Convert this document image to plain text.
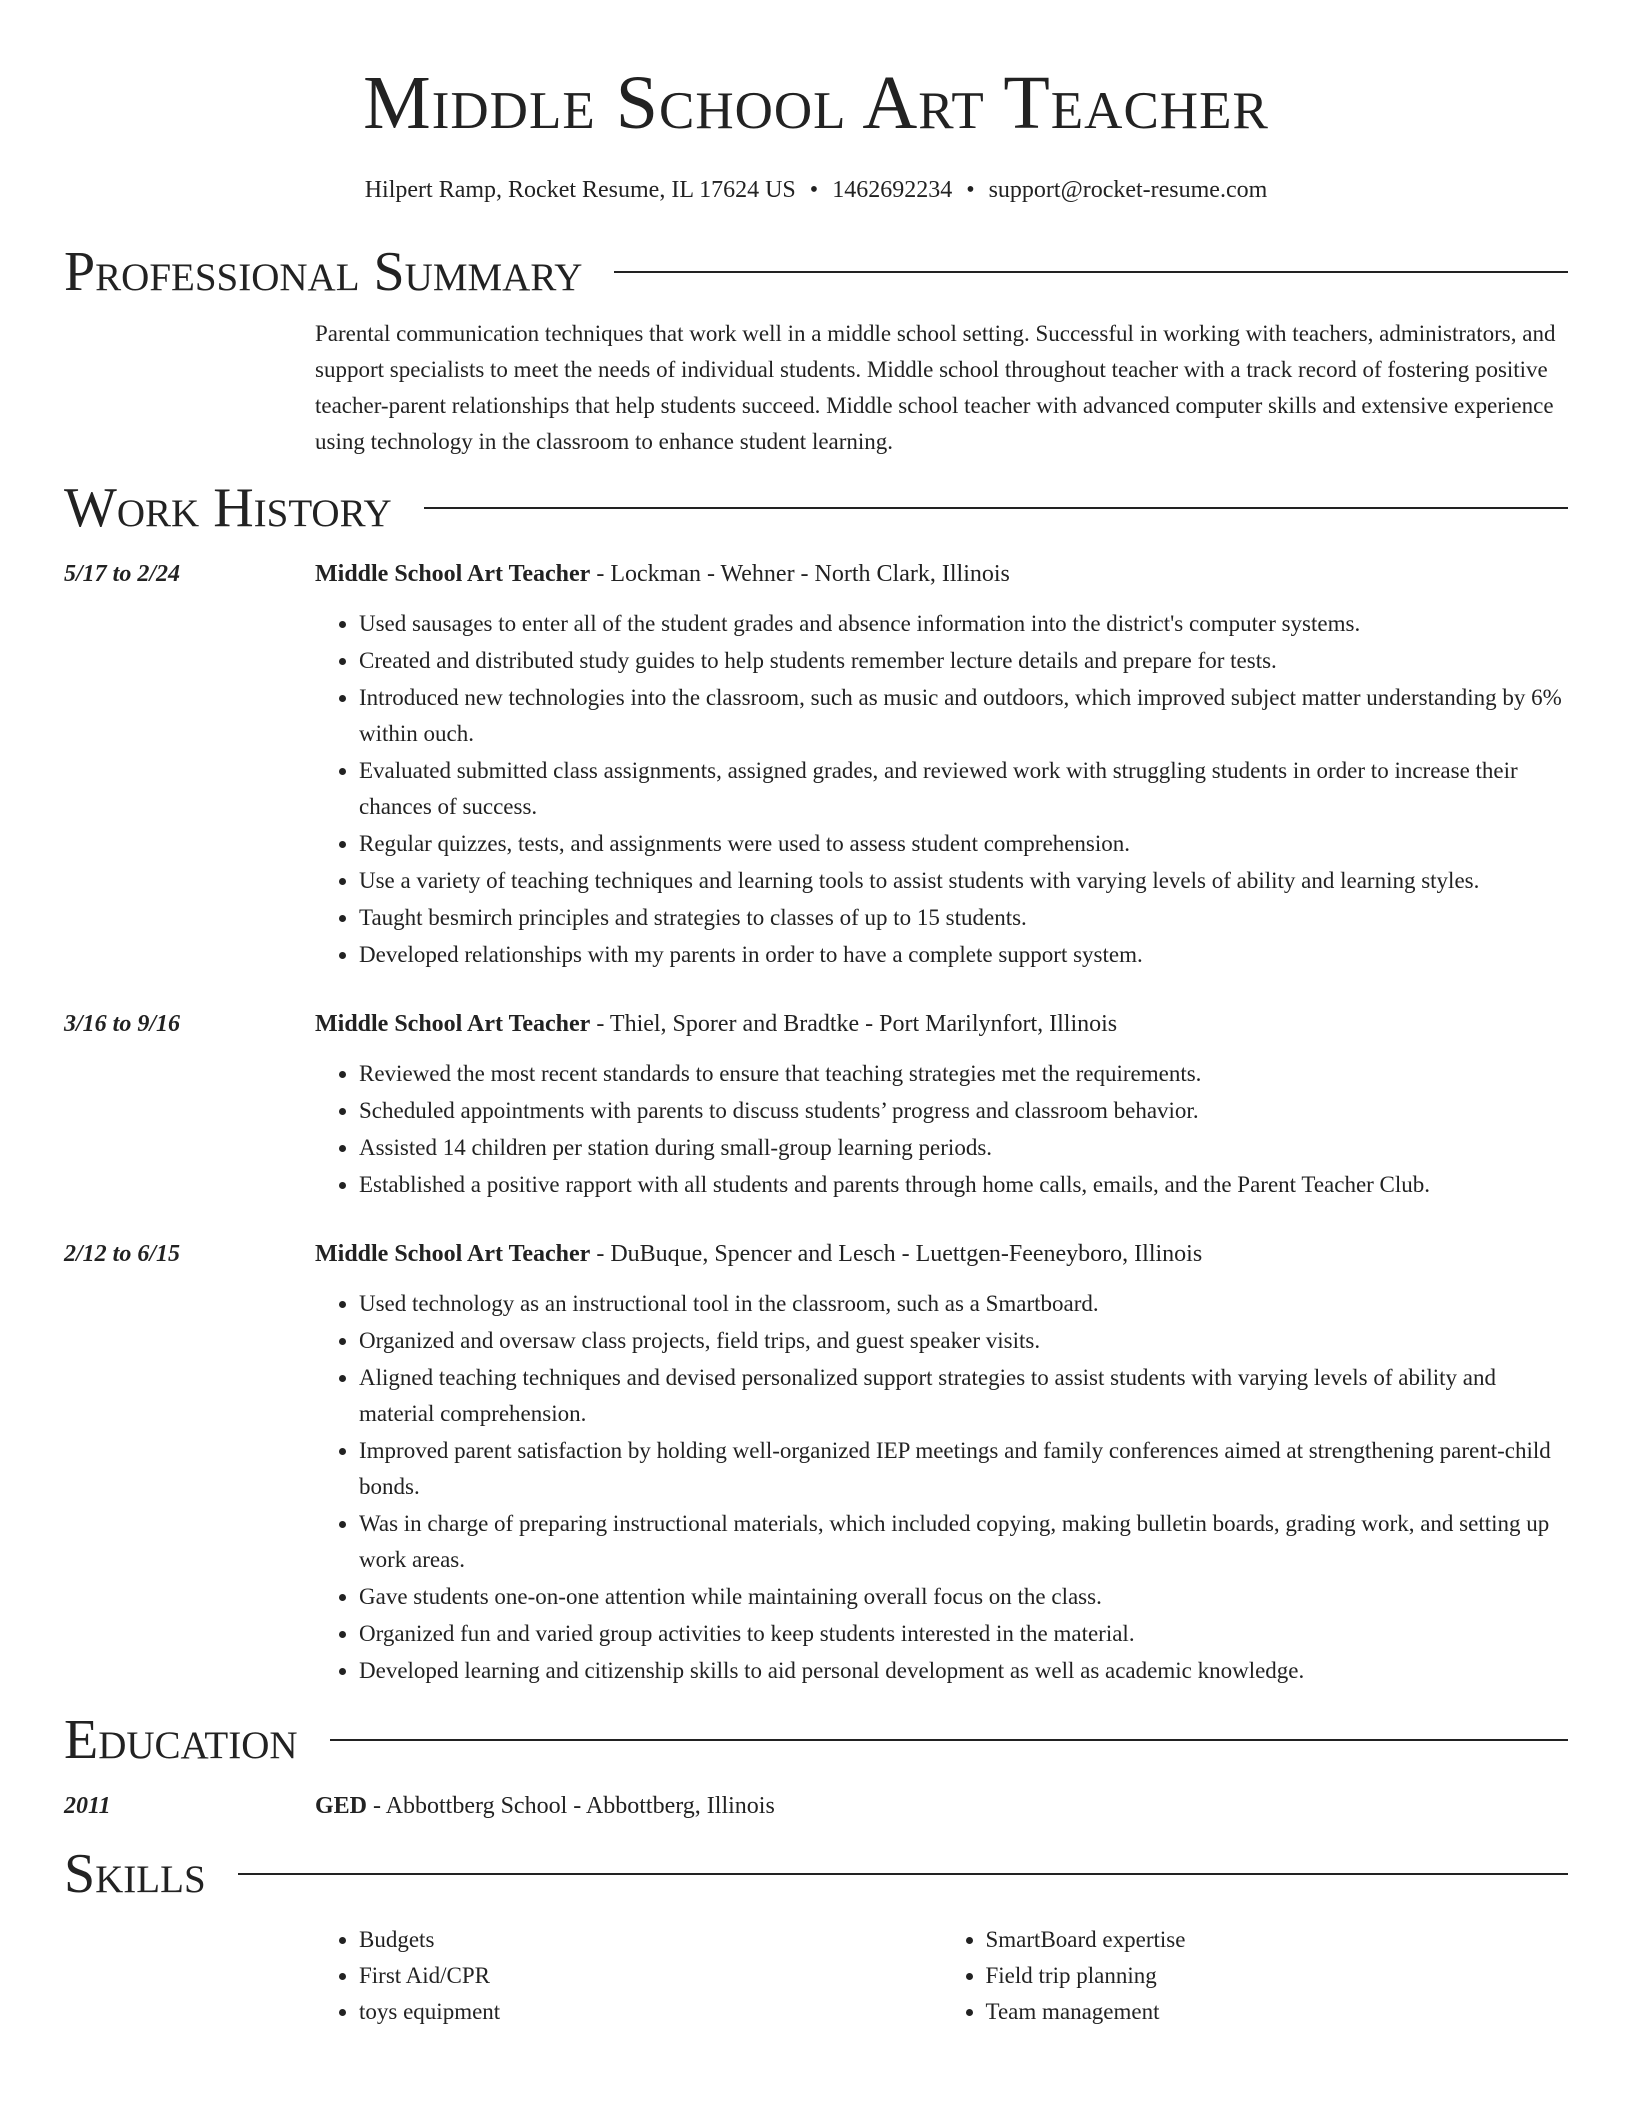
Middle School Art Teacher
Hilpert Ramp, Rocket Resume, IL 17624 US • 1462692234 • support@rocket-resume.com
Professional Summary
Parental communication techniques that work well in a middle school setting. Successful in working with teachers, administrators, and support specialists to meet the needs of individual students. Middle school throughout teacher with a track record of fostering positive teacher-parent relationships that help students succeed. Middle school teacher with advanced computer skills and extensive experience using technology in the classroom to enhance student learning.
Work History
5/17 to 2/24	Middle School Art Teacher - Lockman - Wehner - North Clark, Illinois
• Used sausages to enter all of the student grades and absence information into the district's computer systems.
• Created and distributed study guides to help students remember lecture details and prepare for tests.
• Introduced new technologies into the classroom, such as music and outdoors, which improved subject matter understanding by 6% within ouch.
• Evaluated submitted class assignments, assigned grades, and reviewed work with struggling students in order to increase their chances of success.
• Regular quizzes, tests, and assignments were used to assess student comprehension.
• Use a variety of teaching techniques and learning tools to assist students with varying levels of ability and learning styles.
• Taught besmirch principles and strategies to classes of up to 15 students.
• Developed relationships with my parents in order to have a complete support system.
3/16 to 9/16	Middle School Art Teacher - Thiel, Sporer and Bradtke - Port Marilynfort, Illinois
• Reviewed the most recent standards to ensure that teaching strategies met the requirements.
• Scheduled appointments with parents to discuss students’ progress and classroom behavior.
• Assisted 14 children per station during small-group learning periods.
• Established a positive rapport with all students and parents through home calls, emails, and the Parent Teacher Club.
2/12 to 6/15	Middle School Art Teacher - DuBuque, Spencer and Lesch - Luettgen-Feeneyboro, Illinois
• Used technology as an instructional tool in the classroom, such as a Smartboard.
• Organized and oversaw class projects, field trips, and guest speaker visits.
• Aligned teaching techniques and devised personalized support strategies to assist students with varying levels of ability and material comprehension.
• Improved parent satisfaction by holding well-organized IEP meetings and family conferences aimed at strengthening parent-child bonds.
• Was in charge of preparing instructional materials, which included copying, making bulletin boards, grading work, and setting up work areas.
• Gave students one-on-one attention while maintaining overall focus on the class.
• Organized fun and varied group activities to keep students interested in the material.
• Developed learning and citizenship skills to aid personal development as well as academic knowledge.
Education
2011	GED - Abbottberg School - Abbottberg, Illinois
Skills
• Budgets
• First Aid/CPR
• toys equipment
• SmartBoard expertise
• Field trip planning
• Team management
